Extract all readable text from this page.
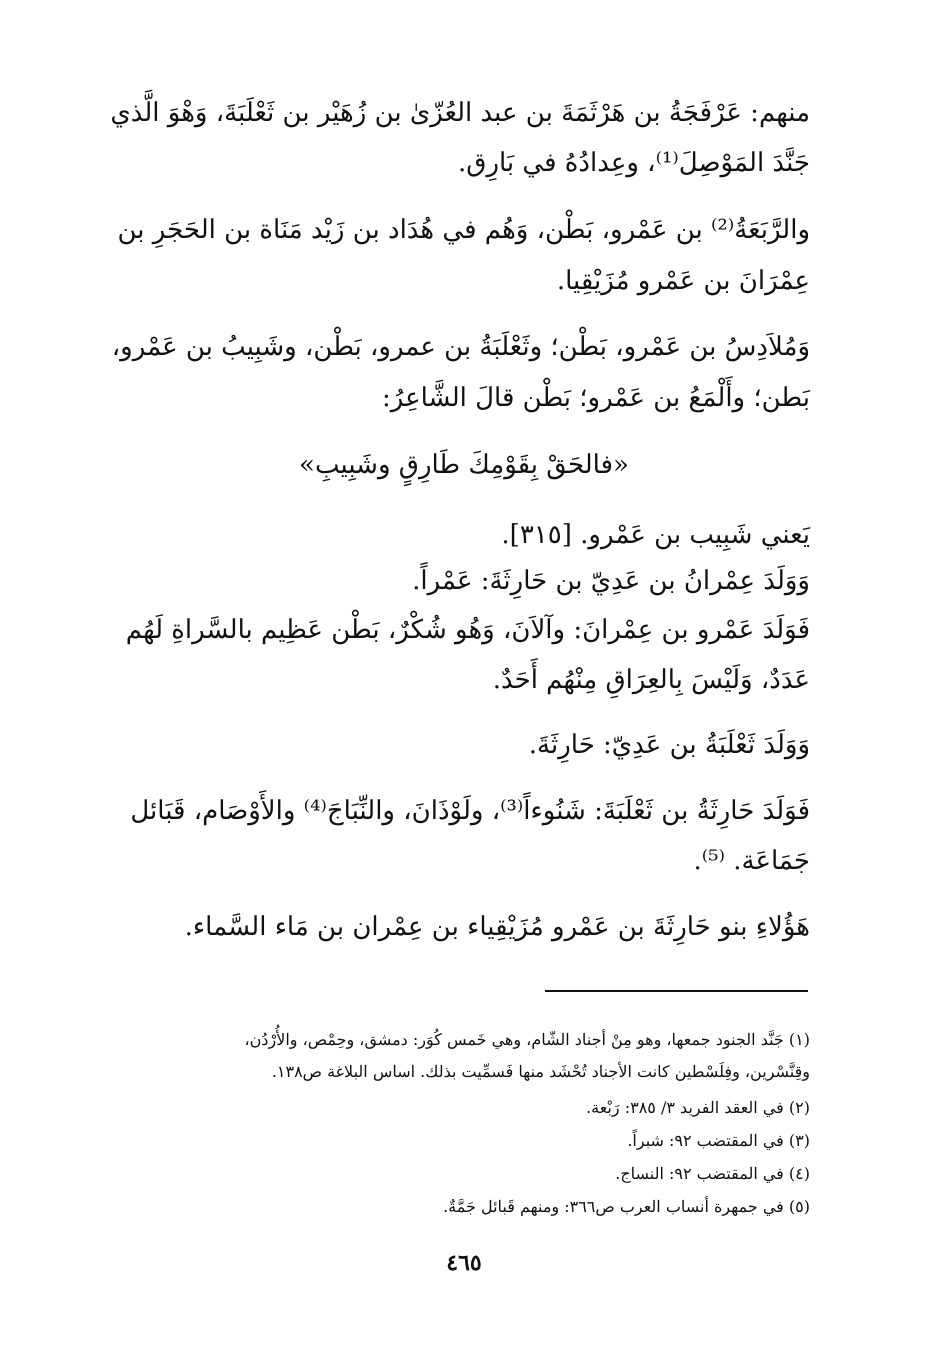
منهم: عَرْفَجَةُ بن هَرْثَمَةَ بن عبد العُزّىٰ بن زُهَيْر بن ثَعْلَبَةَ، وَهْوَ الَّذي

جَنَّدَ المَوْصِلَ⁽¹⁾، وعِدادُهُ في بَارِق.

والرَّبَعَةُ⁽²⁾ بن عَمْرو، بَطْن، وَهُم في هُدَاد بن زَيْد مَنَاة بن الحَجَرِ بن

عِمْرَانَ بن عَمْرو مُزَيْقِيا.

وَمُلاَدِسُ بن عَمْرو، بَطْن؛ وثَعْلَبَةُ بن عمرو، بَطْن، وشَبِيبُ بن عَمْرو،

بَطن؛ وأَلْمَعُ بن عَمْرو؛ بَطْن قالَ الشَّاعِرُ:

«فالحَقْ بِقَوْمِكَ طَارِقٍ وشَبِيبِ»

يَعني شَبِيب بن عَمْرو. [٣١٥].

وَوَلَدَ عِمْرانُ بن عَدِيّ بن حَارِثَةَ: عَمْراً.

فَوَلَدَ عَمْرو بن عِمْرانَ: وآلاَنَ، وَهُو شُكْرٌ، بَطْن عَظِيم بالسَّراةِ لَهُم

عَدَدٌ، وَلَيْسَ بِالعِرَاقِ مِنْهُم أَحَدٌ.

وَوَلَدَ ثَعْلَبَةُ بن عَدِيّ: حَارِثَةَ.

فَوَلَدَ حَارِثَةُ بن ثَعْلَبَةَ: شَنُوءاً⁽³⁾، ولَوْذَانَ، والنِّبَاجَ⁽⁴⁾ والأَوْصَام، قَبَائل

جَمَاعَة. ⁽⁵⁾.

هَؤُلاءِ بنو حَارِثَةَ بن عَمْرو مُزَيْقِياء بن عِمْران بن مَاء السَّماء.

(١) جَنَّد الجنود جمعها، وهو مِنْ أجناد الشّام، وهي خَمس كُوَر: دمشق، وحِمْص، والأُرْدُن،

وقِنَّسْرين، وفِلَسْطين كانت الأجناد تُحْشَد منها فَسمِّيت بذلك. اساس البلاغة ص١٣٨.

(٢) في العقد الفريد ٣/ ٣٨٥: رَبْعة.

(٣) في المقتضب ٩٢: شبراً.

(٤) في المقتضب ٩٢: النساج.

(٥) في جمهرة أنساب العرب ص٣٦٦: ومنهم قَبائل جَمَّةٌ.

٤٦٥
